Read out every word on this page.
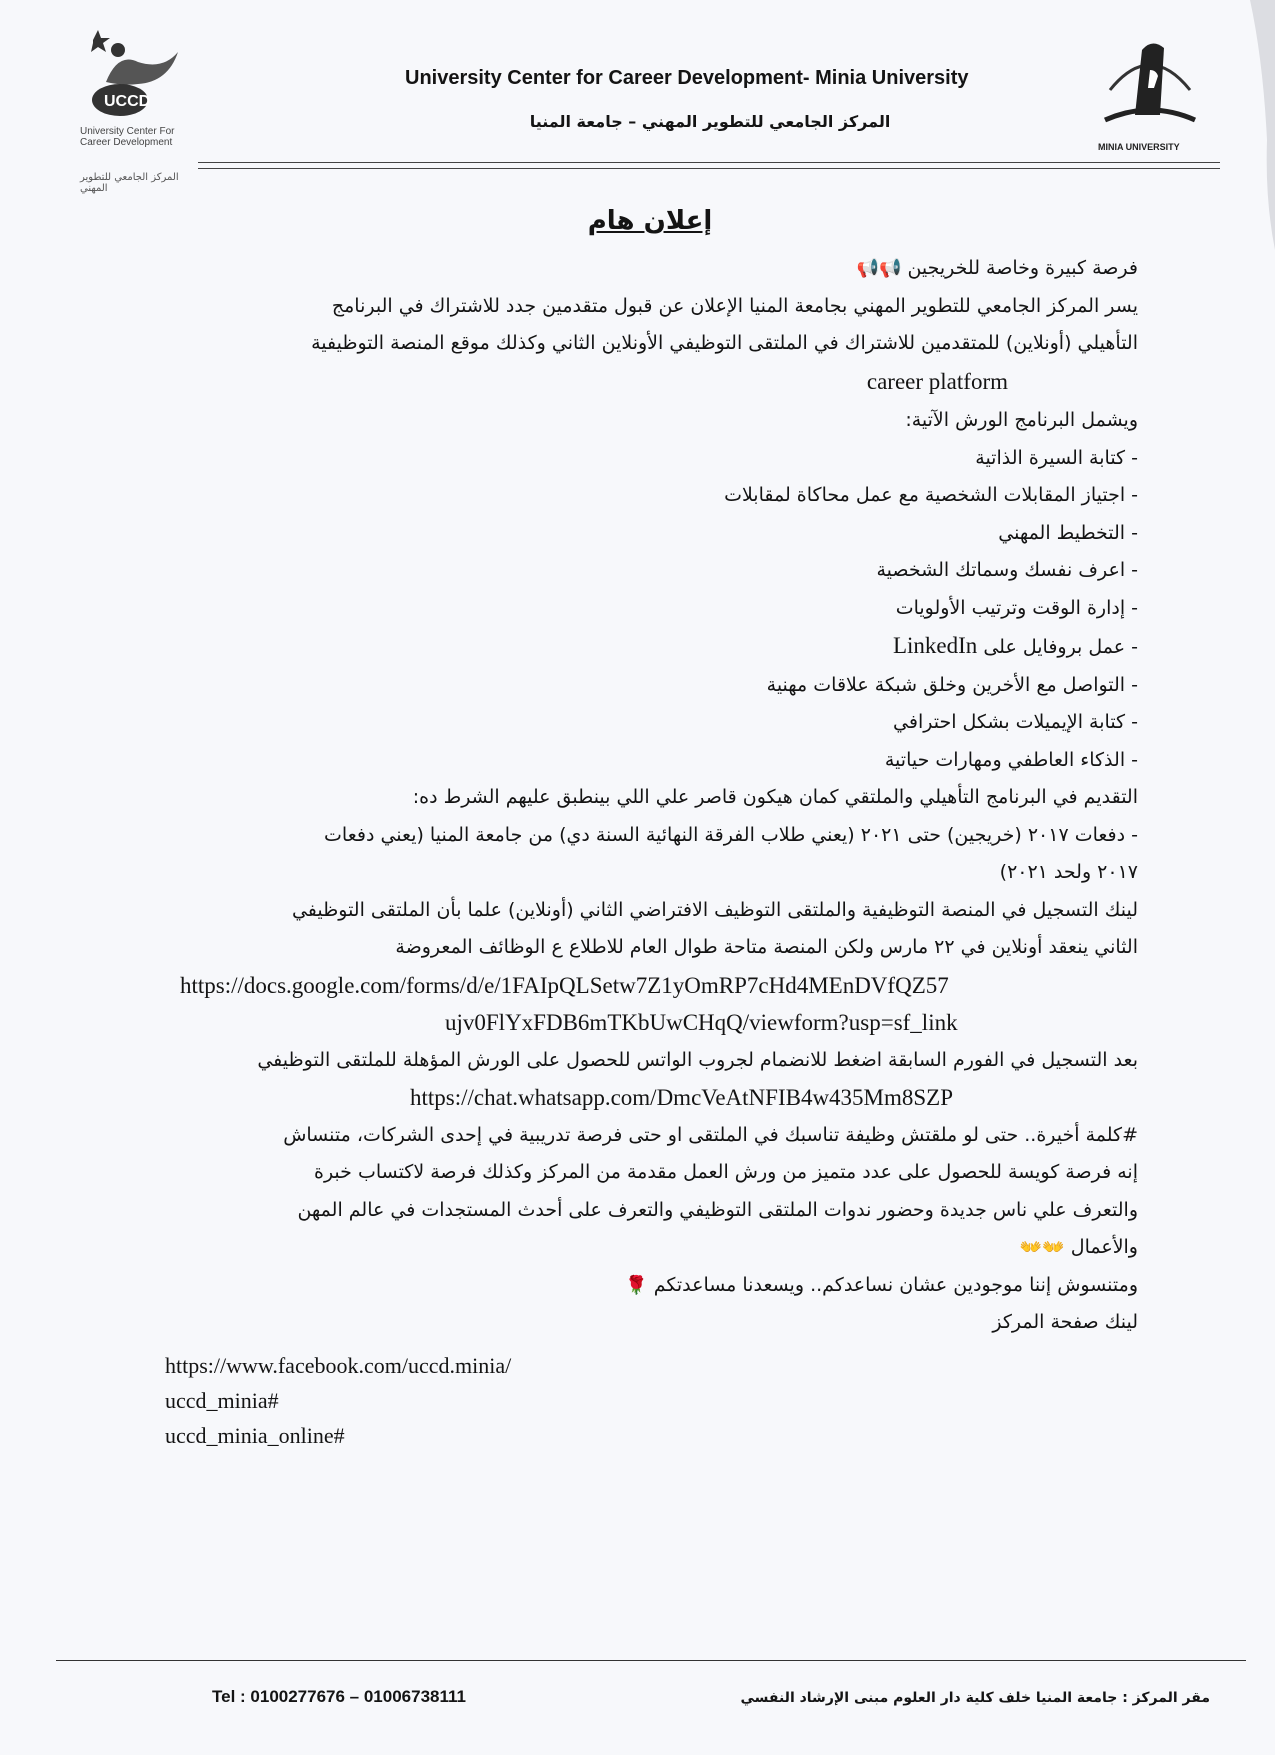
UCCD
University Center For Career Development
المركز الجامعي للتطوير المهني
MINIA UNIVERSITY
University Center for Career Development- Minia University
المركز الجامعي للتطوير المهني – جامعة المنيا
إعلان هام

فرصة كبيرة وخاصة للخريجين 📢📢

يسر المركز الجامعي للتطوير المهني بجامعة المنيا الإعلان عن قبول متقدمين جدد للاشتراك في البرنامج

التأهيلي (أونلاين) للمتقدمين للاشتراك في الملتقى التوظيفي الأونلاين الثاني وكذلك موقع المنصة التوظيفية

career platform

ويشمل البرنامج الورش الآتية:

- كتابة السيرة الذاتية

- اجتياز المقابلات الشخصية مع عمل محاكاة لمقابلات

- التخطيط المهني

- اعرف نفسك وسماتك الشخصية

- إدارة الوقت وترتيب الأولويات

- عمل بروفايل على LinkedIn

- التواصل مع الأخرين وخلق شبكة علاقات مهنية

- كتابة الإيميلات بشكل احترافي

- الذكاء العاطفي ومهارات حياتية

التقديم في البرنامج التأهيلي والملتقي كمان هيكون قاصر علي اللي بينطبق عليهم الشرط ده:

- دفعات ٢٠١٧ (خريجين) حتى ٢٠٢١ (يعني طلاب الفرقة النهائية السنة دي) من جامعة المنيا (يعني دفعات

٢٠١٧ ولحد ٢٠٢١)

لينك التسجيل في المنصة التوظيفية والملتقى التوظيف الافتراضي الثاني (أونلاين) علما بأن الملتقى التوظيفي

الثاني ينعقد أونلاين في ٢٢ مارس ولكن المنصة متاحة طوال العام للاطلاع ع الوظائف المعروضة

https://docs.google.com/forms/d/e/1FAIpQLSetw7Z1yOmRP7cHd4MEnDVfQZ57

ujv0FlYxFDB6mTKbUwCHqQ/viewform?usp=sf_link

بعد التسجيل في الفورم السابقة اضغط للانضمام لجروب الواتس للحصول على الورش المؤهلة للملتقى التوظيفي

https://chat.whatsapp.com/DmcVeAtNFIB4w435Mm8SZP

#كلمة أخيرة.. حتى لو ملقتش وظيفة تناسبك في الملتقى او حتى فرصة تدريبية في إحدى الشركات، متنساش

إنه فرصة كويسة للحصول على عدد متميز من ورش العمل مقدمة من المركز وكذلك فرصة لاكتساب خبرة

والتعرف علي ناس جديدة وحضور ندوات الملتقى التوظيفي والتعرف على أحدث المستجدات في عالم المهن

والأعمال 👐👐

ومتنسوش إننا موجودين عشان نساعدكم.. ويسعدنا مساعدتكم 🌹

لينك صفحة المركز

https://www.facebook.com/uccd.minia/

uccd_minia#

uccd_minia_online#

Tel : 0100277676 – 01006738111	مقر المركز : جامعة المنيا خلف كلية دار العلوم مبنى الإرشاد النفسي
